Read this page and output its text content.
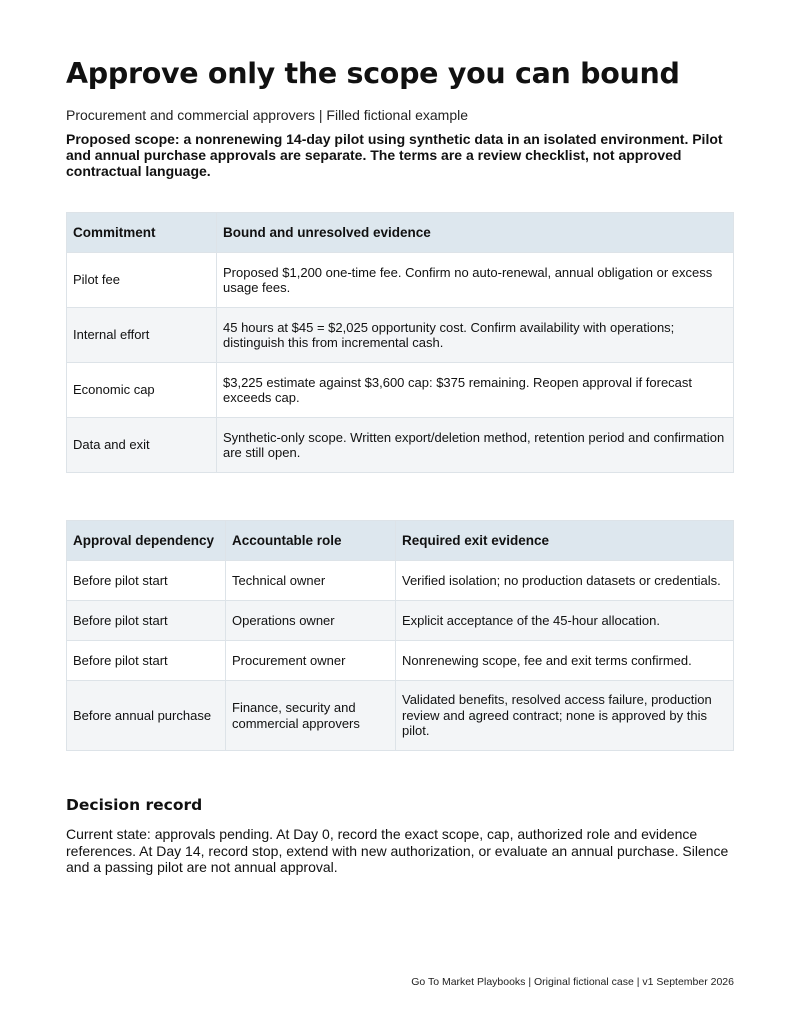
Approve only the scope you can bound
Procurement and commercial approvers | Filled fictional example
Proposed scope: a nonrenewing 14-day pilot using synthetic data in an isolated environment. Pilot and annual purchase approvals are separate. The terms are a review checklist, not approved contractual language.
Commitment	Bound and unresolved evidence
Pilot fee	Proposed $1,200 one-time fee. Confirm no auto-renewal, annual obligation or excess usage fees.
Internal effort	45 hours at $45 = $2,025 opportunity cost. Confirm availability with operations; distinguish this from incremental cash.
Economic cap	$3,225 estimate against $3,600 cap: $375 remaining. Reopen approval if forecast exceeds cap.
Data and exit	Synthetic-only scope. Written export/deletion method, retention period and confirmation are still open.
Approval dependency	Accountable role	Required exit evidence
Before pilot start	Technical owner	Verified isolation; no production datasets or credentials.
Before pilot start	Operations owner	Explicit acceptance of the 45-hour allocation.
Before pilot start	Procurement owner	Nonrenewing scope, fee and exit terms confirmed.
Before annual purchase	Finance, security and commercial approvers	Validated benefits, resolved access failure, production review and agreed contract; none is approved by this pilot.
Decision record
Current state: approvals pending. At Day 0, record the exact scope, cap, authorized role and evidence references. At Day 14, record stop, extend with new authorization, or evaluate an annual purchase. Silence and a passing pilot are not annual approval.
Go To Market Playbooks | Original fictional case | v1 September 2026
